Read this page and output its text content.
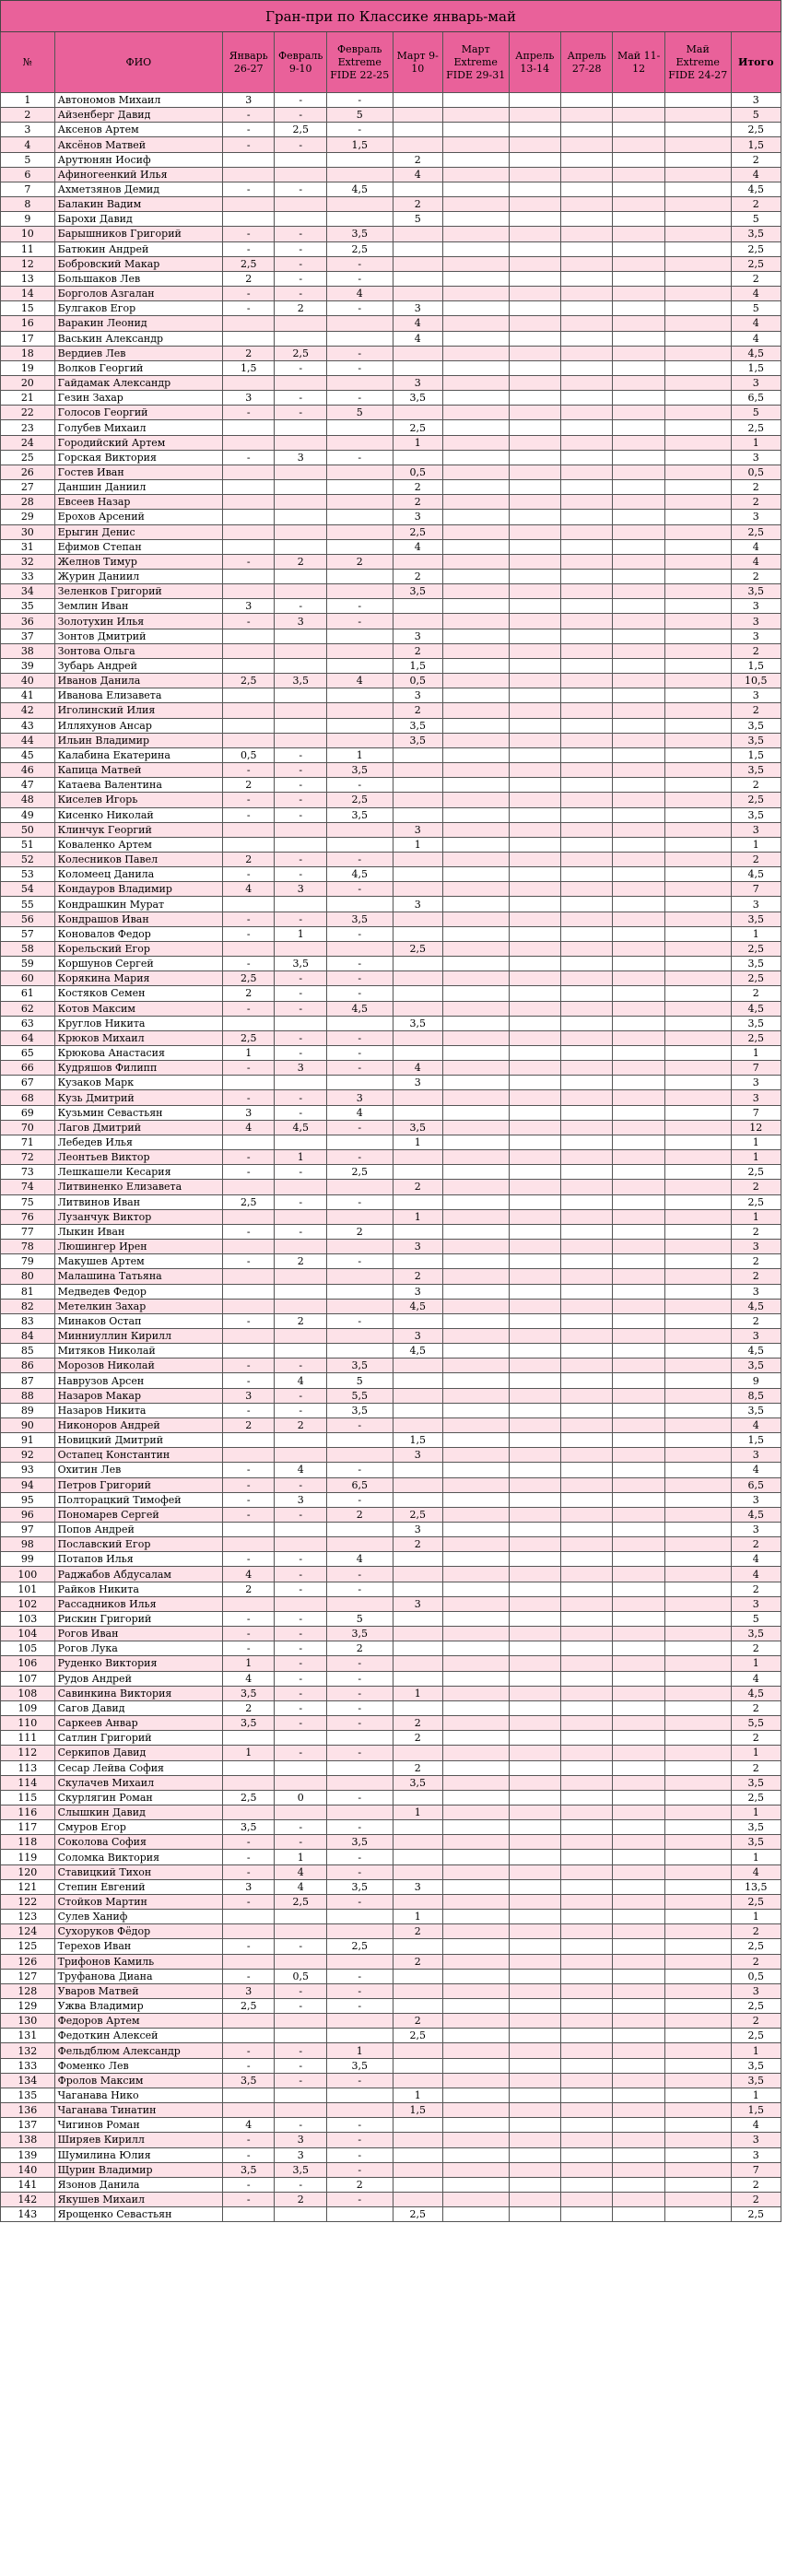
Гран-при по Классике январь-май											
№	ФИО	Январь 26-27	Февраль 9-10	Февраль Extreme FIDE 22-25	Март 9-10	Март Extreme FIDE 29-31	Апрель 13-14	Апрель 27-28	Май 11-12	Май Extreme FIDE 24-27	Итого
1	Автономов Михаил	3	-	-							3
2	Айзенберг Давид	-	-	5							5
3	Аксенов Артем	-	2,5	-							2,5
4	Аксёнов Матвей	-	-	1,5							1,5
5	Арутюнян Иосиф				2						2
6	Афиногеенкий Илья				4						4
7	Ахметзянов Демид	-	-	4,5							4,5
8	Балакин Вадим				2						2
9	Барохи Давид				5						5
10	Барышников Григорий	-	-	3,5							3,5
11	Батюкин Андрей	-	-	2,5							2,5
12	Бобровский Макар	2,5	-	-							2,5
13	Большаков Лев	2	-	-							2
14	Борголов Азгалан	-	-	4							4
15	Булгаков Егор	-	2	-	3						5
16	Варакин Леонид				4						4
17	Васькин Александр				4						4
18	Вердиев Лев	2	2,5	-							4,5
19	Волков Георгий	1,5	-	-							1,5
20	Гайдамак Александр				3						3
21	Гезин Захар	3	-	-	3,5						6,5
22	Голосов Георгий	-	-	5							5
23	Голубев Михаил				2,5						2,5
24	Городийский Артем				1						1
25	Горская Виктория	-	3	-							3
26	Гостев Иван				0,5						0,5
27	Даншин Даниил				2						2
28	Евсеев Назар				2						2
29	Ерохов Арсений				3						3
30	Ерыгин Денис				2,5						2,5
31	Ефимов Степан				4						4
32	Желнов Тимур	-	2	2							4
33	Журин Даниил				2						2
34	Зеленков Григорий				3,5						3,5
35	Землин Иван	3	-	-							3
36	Золотухин Илья	-	3	-							3
37	Зонтов Дмитрий				3						3
38	Зонтова Ольга				2						2
39	Зубарь Андрей				1,5						1,5
40	Иванов Данила	2,5	3,5	4	0,5						10,5
41	Иванова Елизавета				3						3
42	Иголинский Илия				2						2
43	Илляхунов Ансар				3,5						3,5
44	Ильин Владимир				3,5						3,5
45	Калабина Екатерина	0,5	-	1							1,5
46	Капица Матвей	-	-	3,5							3,5
47	Катаева Валентина	2	-	-							2
48	Киселев Игорь	-	-	2,5							2,5
49	Кисенко Николай	-	-	3,5							3,5
50	Клинчук Георгий				3						3
51	Коваленко Артем				1						1
52	Колесников Павел	2	-	-							2
53	Коломеец Данила	-	-	4,5							4,5
54	Кондауров Владимир	4	3	-							7
55	Кондрашкин Мурат				3						3
56	Кондрашов Иван	-	-	3,5							3,5
57	Коновалов Федор	-	1	-							1
58	Корельский Егор				2,5						2,5
59	Коршунов Сергей	-	3,5	-							3,5
60	Корякина Мария	2,5	-	-							2,5
61	Костяков Семен	2	-	-							2
62	Котов Максим	-	-	4,5							4,5
63	Круглов Никита				3,5						3,5
64	Крюков Михаил	2,5	-	-							2,5
65	Крюкова Анастасия	1	-	-							1
66	Кудряшов Филипп	-	3	-	4						7
67	Кузаков Марк				3						3
68	Кузь Дмитрий	-	-	3							3
69	Кузьмин Севастьян	3	-	4							7
70	Лагов Дмитрий	4	4,5	-	3,5						12
71	Лебедев Илья				1						1
72	Леонтьев Виктор	-	1	-							1
73	Лешкашели Кесария	-	-	2,5							2,5
74	Литвиненко Елизавета				2						2
75	Литвинов Иван	2,5	-	-							2,5
76	Лузанчук Виктор				1						1
77	Лыкин Иван	-	-	2							2
78	Люшингер Ирен				3						3
79	Макушев Артем	-	2	-							2
80	Малашина Татьяна				2						2
81	Медведев Федор				3						3
82	Метелкин Захар				4,5						4,5
83	Минаков Остап	-	2	-							2
84	Минниуллин Кирилл				3						3
85	Митяков Николай				4,5						4,5
86	Морозов Николай	-	-	3,5							3,5
87	Наврузов Арсен	-	4	5							9
88	Назаров Макар	3	-	5,5							8,5
89	Назаров Никита	-	-	3,5							3,5
90	Никоноров Андрей	2	2	-							4
91	Новицкий Дмитрий				1,5						1,5
92	Остапец Константин				3						3
93	Охитин Лев	-	4	-							4
94	Петров Григорий	-	-	6,5							6,5
95	Полторацкий Тимофей	-	3	-							3
96	Пономарев Сергей	-	-	2	2,5						4,5
97	Попов Андрей				3						3
98	Пославский Егор				2						2
99	Потапов Илья	-	-	4							4
100	Раджабов Абдусалам	4	-	-							4
101	Райков Никита	2	-	-							2
102	Рассадников Илья				3						3
103	Рискин Григорий	-	-	5							5
104	Рогов Иван	-	-	3,5							3,5
105	Рогов Лука	-	-	2							2
106	Руденко Виктория	1	-	-							1
107	Рудов Андрей	4	-	-							4
108	Савинкина Виктория	3,5	-	-	1						4,5
109	Сагов Давид	2	-	-							2
110	Саркеев Анвар	3,5	-	-	2						5,5
111	Сатлин Григорий				2						2
112	Серкипов Давид	1	-	-							1
113	Сесар Лейва София				2						2
114	Скулачев Михаил				3,5						3,5
115	Скурлягин Роман	2,5	0	-							2,5
116	Слышкин Давид				1						1
117	Смуров Егор	3,5	-	-							3,5
118	Соколова София	-	-	3,5							3,5
119	Соломка Виктория	-	1	-							1
120	Ставицкий Тихон	-	4	-							4
121	Степин Евгений	3	4	3,5	3						13,5
122	Стойков Мартин	-	2,5	-							2,5
123	Сулев Ханиф				1						1
124	Сухоруков Фёдор				2						2
125	Терехов Иван	-	-	2,5							2,5
126	Трифонов Камиль				2						2
127	Труфанова Диана	-	0,5	-							0,5
128	Уваров Матвей	3	-	-							3
129	Ужва Владимир	2,5	-	-							2,5
130	Федоров Артем				2						2
131	Федоткин Алексей				2,5						2,5
132	Фельдблюм Александр	-	-	1							1
133	Фоменко Лев	-	-	3,5							3,5
134	Фролов Максим	3,5	-	-							3,5
135	Чаганава Нико				1						1
136	Чаганава Тинатин				1,5						1,5
137	Чигинов Роман	4	-	-							4
138	Ширяев Кирилл	-	3	-							3
139	Шумилина Юлия	-	3	-							3
140	Щурин Владимир	3,5	3,5	-							7
141	Язонов Данила	-	-	2							2
142	Якушев Михаил	-	2	-							2
143	Ярощенко Севастьян				2,5						2,5
